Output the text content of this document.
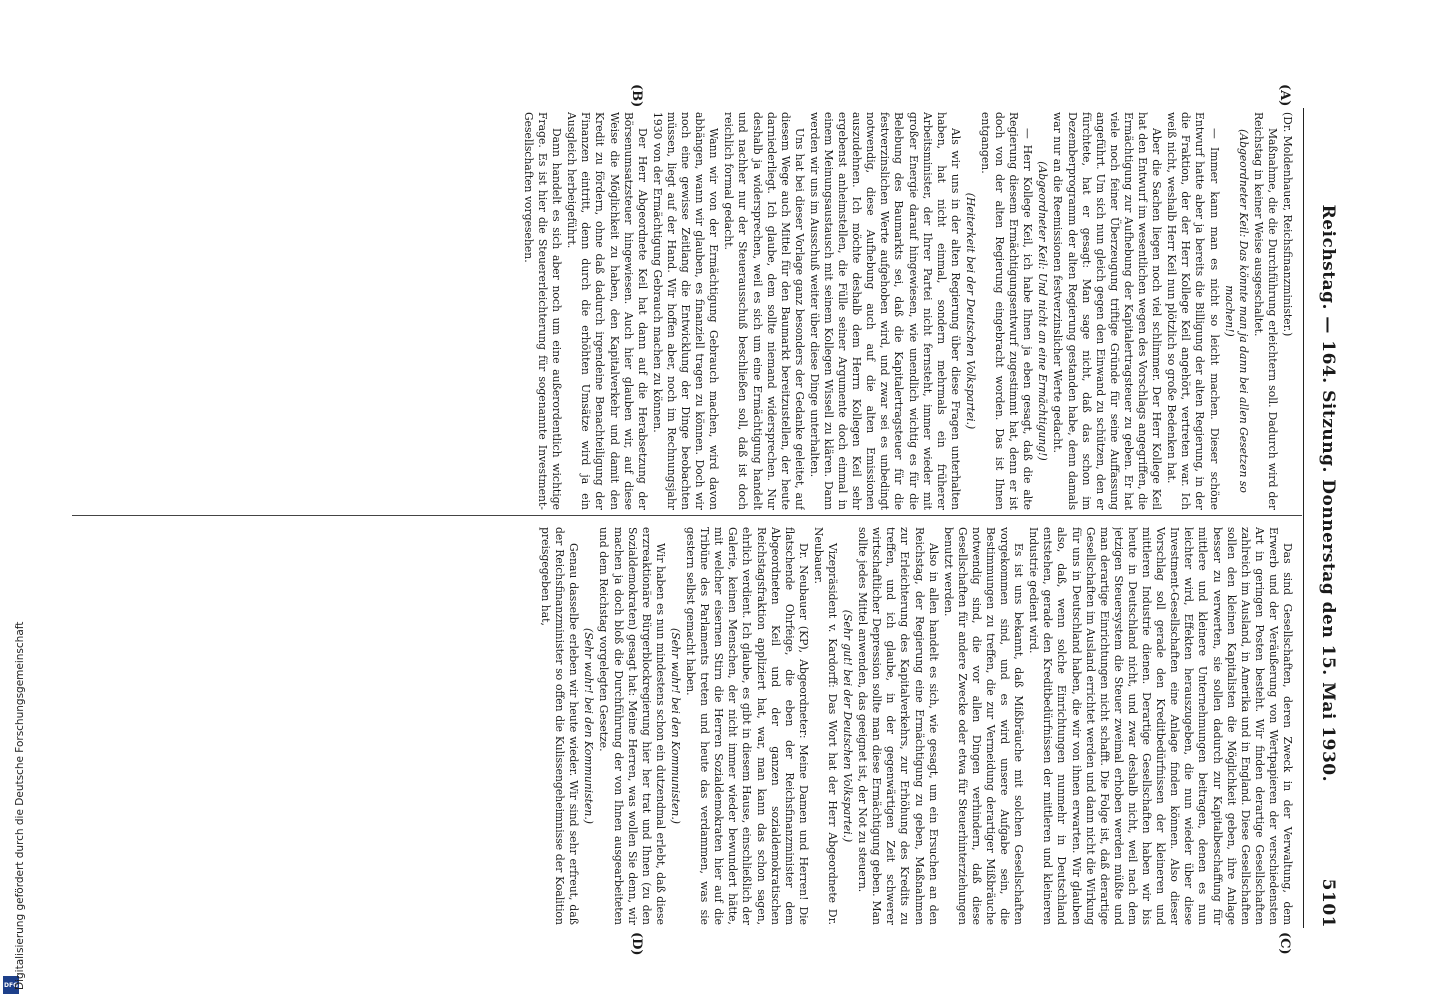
Reichstag. — 164. Sitzung. Donnerstag den 15. Mai 1930.
5101
(A)
(B)
(C)
(D)

(Dr. Moldenhauer, Reichsfinanzminister.)

Maßnahme, die die Durchführung erleichtern soll. Dadurch wird der Reichstag in keiner Weise ausgeschaltet.

(Abgeordneter Keil: Das könnte man ja dann bei allen Gesetzen so machen!)

— Immer kann man es nicht so leicht machen. Dieser schöne Entwurf hatte aber ja bereits die Billigung der alten Regierung, in der die Fraktion, der der Herr Kollege Keil angehört, vertreten war. Ich weiß nicht, weshalb Herr Keil nun plötzlich so große Bedenken hat.

Aber die Sachen liegen noch viel schlimmer. Der Herr Kollege Keil hat den Entwurf im wesentlichen wegen des Vorschlags angegriffen, die Ermächtigung zur Aufhebung der Kapitalertragsteuer zu geben. Er hat viele noch feiner Überzeugung triftige Gründe für seine Auffassung angeführt. Um sich nun gleich gegen den Einwand zu schützen, den er fürchtete, hat er gesagt: Man sage nicht, daß das schon im Dezemberprogramm der alten Regierung gestanden habe, denn damals war nur an die Reemissionen festverzinslicher Werte gedacht.

(Abgeordneter Keil: Und nicht an eine Ermächtigung!)

— Herr Kollege Keil, ich habe Ihnen ja eben gesagt, daß die alte Regierung diesem Ermächtigungsentwurf zugestimmt hat, denn er ist doch von der alten Regierung eingebracht worden. Das ist Ihnen entgangen.

(Heiterkeit bei der Deutschen Volkspartei.)

Als wir uns in der alten Regierung über diese Fragen unterhalten haben, hat nicht einmal, sondern mehrmals ein früherer Arbeitsminister, der Ihrer Partei nicht fernsteht, immer wieder mit großer Energie darauf hingewiesen, wie unendlich wichtig es für die Belebung des Baumarkts sei, daß die Kapitalertragsteuer für die festverzinslichen Werte aufgehoben wird, und zwar sei es unbedingt notwendig, diese Aufhebung auch auf die alten Emissionen auszudehnen. Ich möchte deshalb dem Herrn Kollegen Keil sehr ergebenst anheimstellen, die Fülle seiner Argumente doch einmal in einem Meinungsaustausch mit seinem Kollegen Wissell zu klären. Dann werden wir uns im Ausschuß weiter über diese Dinge unterhalten.

Uns hat bei dieser Vorlage ganz besonders der Gedanke geleitet, auf diesem Wege auch Mittel für den Baumarkt bereitzustellen, der heute darniederliegt. Ich glaube, dem sollte niemand widersprechen. Nur deshalb ja widersprechen, weil es sich um eine Ermächtigung handelt und nachher nur der Steuerausschuß beschließen soll, daß ist doch reichlich formal gedacht.

Wann wir von der Ermächtigung Gebrauch machen, wird davon abhängen, wann wir glauben, es finanziell tragen zu können. Doch wir noch eine gewisse Zeitlang die Entwicklung der Dinge beobachten müssen, liegt auf der Hand. Wir hoffen aber, noch im Rechnungsjahr 1930 von der Ermächtigung Gebrauch machen zu können.

Der Herr Abgeordnete Keil hat dann auf die Herabsetzung der Börsenumsatzsteuer hingewiesen. Auch hier glauben wir, auf diese Weise die Möglichkeit zu haben, den Kapitalverkehr und damit den Kredit zu fördern, ohne daß dadurch irgendeine Benachteiligung der Finanzen eintritt, denn durch die erhöhten Umsätze wird ja ein Ausgleich herbeigeführt.

Dann handelt es sich aber noch um eine außerordentlich wichtige Frage. Es ist hier die Steuererleichterung für sogenannte Investment-Gesellschaften vorgesehen.

Das sind Gesellschaften, deren Zweck in der Verwaltung, dem Erwerb und der Veräußerung von Wertpapieren der verschiedensten Art in geringen Posten besteht. Wir finden derartige Gesellschaften zahlreich im Ausland, in Amerika und in England. Diese Gesellschaften sollen den kleinen Kapitalisten die Möglichkeit geben, ihre Anlage besser zu verwerten, sie sollen dadurch zur Kapitalbeschaffung für mittlere und kleinere Unternehmungen beitragen, denen es nun leichter wird, Effekten herauszugeben, die nun wieder über diese Investment-Gesellschaften eine Anlage finden können. Also dieser Vorschlag soll gerade den Kreditbedürfnissen der kleineren und mittleren Industrie dienen. Derartige Gesellschaften haben wir bis heute in Deutschland nicht, und zwar deshalb nicht, weil nach dem jetzigen Steuersystem die Steuer zweimal erhoben werden müßte und man derartige Einrichtungen nicht schafft. Die Folge ist, daß derartige Gesellschaften im Ausland errichtet werden und dann nicht die Wirkung für uns in Deutschland haben, die wir von ihnen erwarten. Wir glauben also, daß, wenn solche Einrichtungen nunmehr in Deutschland entstehen, gerade den Kreditbedürfnissen der mittleren und kleineren Industrie gedient wird.

Es ist uns bekannt, daß Mißbräuche mit solchen Gesellschaften vorgekommen sind, und es wird unsere Aufgabe sein, die Bestimmungen zu treffen, die zur Vermeidung derartiger Mißbräuche notwendig sind, die vor allen Dingen verhindern, daß diese Gesellschaften für andere Zwecke oder etwa für Steuerhinterziehungen benutzt werden.

Also in allen handelt es sich, wie gesagt, um ein Ersuchen an den Reichstag, der Regierung eine Ermächtigung zu geben, Maßnahmen zur Erleichterung des Kapitalverkehrs, zur Erhöhung des Kredits zu treffen, und ich glaube, in der gegenwärtigen Zeit schwerer wirtschaftlicher Depression sollte man diese Ermächtigung geben. Man sollte jedes Mittel anwenden, das geeignet ist, der Not zu steuern.

(Sehr gut! bei der Deutschen Volkspartei.)

Vizepräsident v. Kardorff: Das Wort hat der Herr Abgeordnete Dr. Neubauer.

Dr. Neubauer (KP), Abgeordneter: Meine Damen und Herren! Die flatschende Ohrfeige, die eben der Reichsfinanzminister dem Abgeordneten Keil und der ganzen sozialdemokratischen Reichstagsfraktion appliziert hat, war, man kann das schon sagen, ehrlich verdient. Ich glaube, es gibt in diesem Hause, einschließlich der Galerie, keinen Menschen, der nicht immer wieder bewundert hätte, mit welcher eisernen Stirn die Herren Sozialdemokraten hier auf die Tribüne des Parlaments treten und heute das verdammen, was sie gestern selbst gemacht haben.

(Sehr wahr! bei den Kommunisten.)

Wir haben es nun mindestens schon ein dutzendmal erlebt, daß diese erzreaktionäre Bürgerblockregierung hier her trat und Ihnen (zu den Sozialdemokraten) gesagt hat: Meine Herren, was wollen Sie denn, wir machen ja doch bloß die Durchführung der von Ihnen ausgearbeiteten und dem Reichstag vorgelegten Gesetze.

(Sehr wahr! bei den Kommunisten.)

Genau dasselbe erleben wir heute wieder. Wir sind sehr erfreut, daß der Reichsfinanzminister so offen die Kulissengeheimnisse der Koalition preisgegeben hat,

DFG
Digitalisierung gefördert durch die Deutsche Forschungsgemeinschaft
